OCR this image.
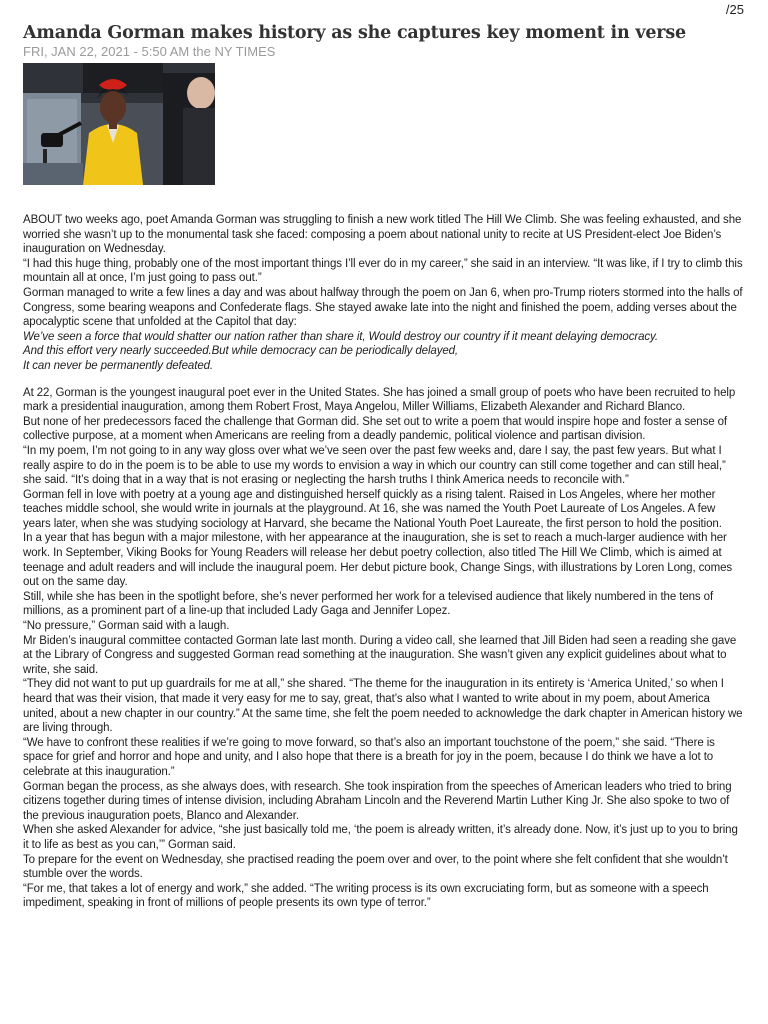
/25
Amanda Gorman makes history as she captures key moment in verse
FRI, JAN 22, 2021 - 5:50 AM the NY TIMES

ABOUT two weeks ago, poet Amanda Gorman was struggling to finish a new work titled The Hill We Climb. She was feeling exhausted, and she worried she wasn’t up to the monumental task she faced: composing a poem about national unity to recite at US President-elect Joe Biden’s inauguration on Wednesday.

“I had this huge thing, probably one of the most important things I’ll ever do in my career,” she said in an interview. “It was like, if I try to climb this mountain all at once, I’m just going to pass out.”

Gorman managed to write a few lines a day and was about halfway through the poem on Jan 6, when pro-Trump rioters stormed into the halls of Congress, some bearing weapons and Confederate flags. She stayed awake late into the night and finished the poem, adding verses about the apocalyptic scene that unfolded at the Capitol that day:

We’ve seen a force that would shatter our nation rather than share it, Would destroy our country if it meant delaying democracy.

And this effort very nearly succeeded.But while democracy can be periodically delayed,

It can never be permanently defeated.

At 22, Gorman is the youngest inaugural poet ever in the United States. She has joined a small group of poets who have been recruited to help mark a presidential inauguration, among them Robert Frost, Maya Angelou, Miller Williams, Elizabeth Alexander and Richard Blanco.

But none of her predecessors faced the challenge that Gorman did. She set out to write a poem that would inspire hope and foster a sense of collective purpose, at a moment when Americans are reeling from a deadly pandemic, political violence and partisan division.

“In my poem, I’m not going to in any way gloss over what we’ve seen over the past few weeks and, dare I say, the past few years. But what I really aspire to do in the poem is to be able to use my words to envision a way in which our country can still come together and can still heal,” she said. “It’s doing that in a way that is not erasing or neglecting the harsh truths I think America needs to reconcile with.”

Gorman fell in love with poetry at a young age and distinguished herself quickly as a rising talent. Raised in Los Angeles, where her mother teaches middle school, she would write in journals at the playground. At 16, she was named the Youth Poet Laureate of Los Angeles. A few years later, when she was studying sociology at Harvard, she became the National Youth Poet Laureate, the first person to hold the position.

In a year that has begun with a major milestone, with her appearance at the inauguration, she is set to reach a much-larger audience with her work. In September, Viking Books for Young Readers will release her debut poetry collection, also titled The Hill We Climb, which is aimed at teenage and adult readers and will include the inaugural poem. Her debut picture book, Change Sings, with illustrations by Loren Long, comes out on the same day.

Still, while she has been in the spotlight before, she’s never performed her work for a televised audience that likely numbered in the tens of millions, as a prominent part of a line-up that included Lady Gaga and Jennifer Lopez.

“No pressure,” Gorman said with a laugh.

Mr Biden’s inaugural committee contacted Gorman late last month. During a video call, she learned that Jill Biden had seen a reading she gave at the Library of Congress and suggested Gorman read something at the inauguration. She wasn’t given any explicit guidelines about what to write, she said.

“They did not want to put up guardrails for me at all,” she shared. “The theme for the inauguration in its entirety is ‘America United,’ so when I heard that was their vision, that made it very easy for me to say, great, that’s also what I wanted to write about in my poem, about America united, about a new chapter in our country.” At the same time, she felt the poem needed to acknowledge the dark chapter in American history we are living through.

“We have to confront these realities if we’re going to move forward, so that’s also an important touchstone of the poem,” she said. “There is space for grief and horror and hope and unity, and I also hope that there is a breath for joy in the poem, because I do think we have a lot to celebrate at this inauguration.”

Gorman began the process, as she always does, with research. She took inspiration from the speeches of American leaders who tried to bring citizens together during times of intense division, including Abraham Lincoln and the Reverend Martin Luther King Jr. She also spoke to two of the previous inauguration poets, Blanco and Alexander.

When she asked Alexander for advice, “she just basically told me, ‘the poem is already written, it’s already done. Now, it’s just up to you to bring it to life as best as you can,’” Gorman said.

To prepare for the event on Wednesday, she practised reading the poem over and over, to the point where she felt confident that she wouldn’t stumble over the words.

“For me, that takes a lot of energy and work,” she added. “The writing process is its own excruciating form, but as someone with a speech impediment, speaking in front of millions of people presents its own type of terror.”
